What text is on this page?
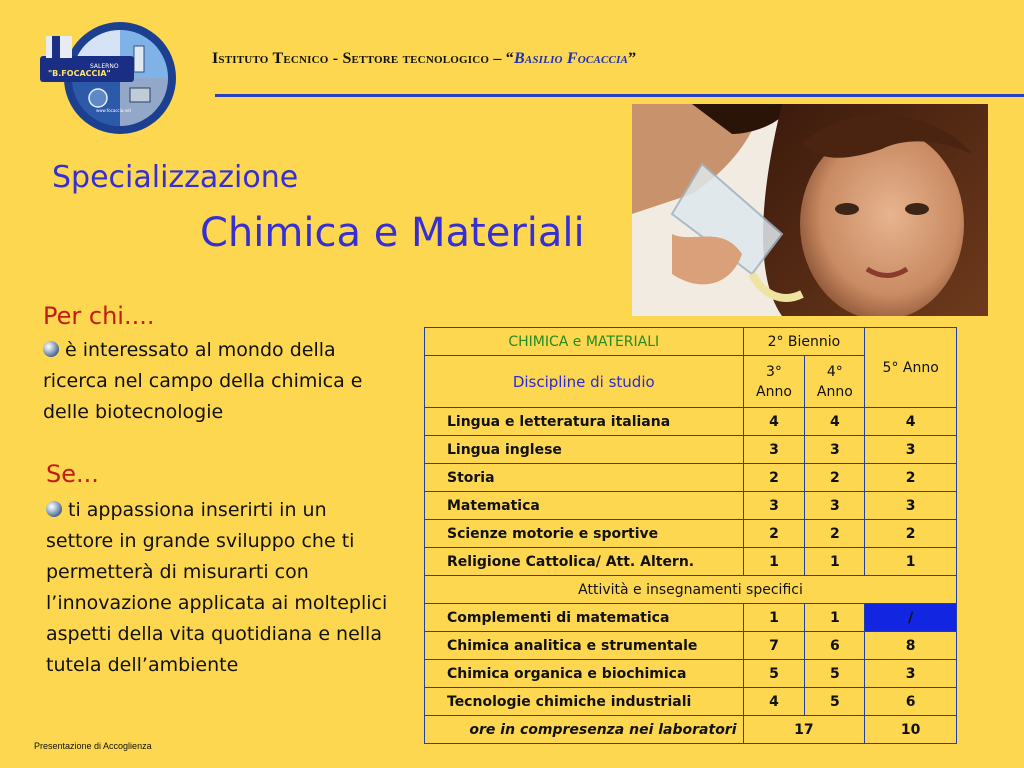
SALERNO
"B.FOCACCIA"
www.focaccia.net
Istituto Tecnico - Settore tecnologico – “Basilio Focaccia”
Specializzazione
Chimica e Materiali
Per chi....
è interessato al mondo della ricerca nel campo della chimica e delle biotecnologie
Se...
ti appassiona inserirti in un settore in grande sviluppo che ti permetterà di misurarti con l’innovazione applicata ai molteplici aspetti della vita quotidiana e nella tutela dell’ambiente
CHIMICA e MATERIALI	2° Biennio		5° Anno
Discipline di studio	3° Anno	4° Anno	
Lingua e letteratura italiana	4	4	4
Lingua inglese	3	3	3
Storia	2	2	2
Matematica	3	3	3
Scienze motorie e sportive	2	2	2
Religione Cattolica/ Att. Altern.	1	1	1
Attività e insegnamenti specifici			
Complementi di matematica	1	1	/
Chimica analitica e strumentale	7	6	8
Chimica organica e biochimica	5	5	3
Tecnologie chimiche industriali	4	5	6
ore in compresenza nei laboratori	17		10
Presentazione di Accoglienza
